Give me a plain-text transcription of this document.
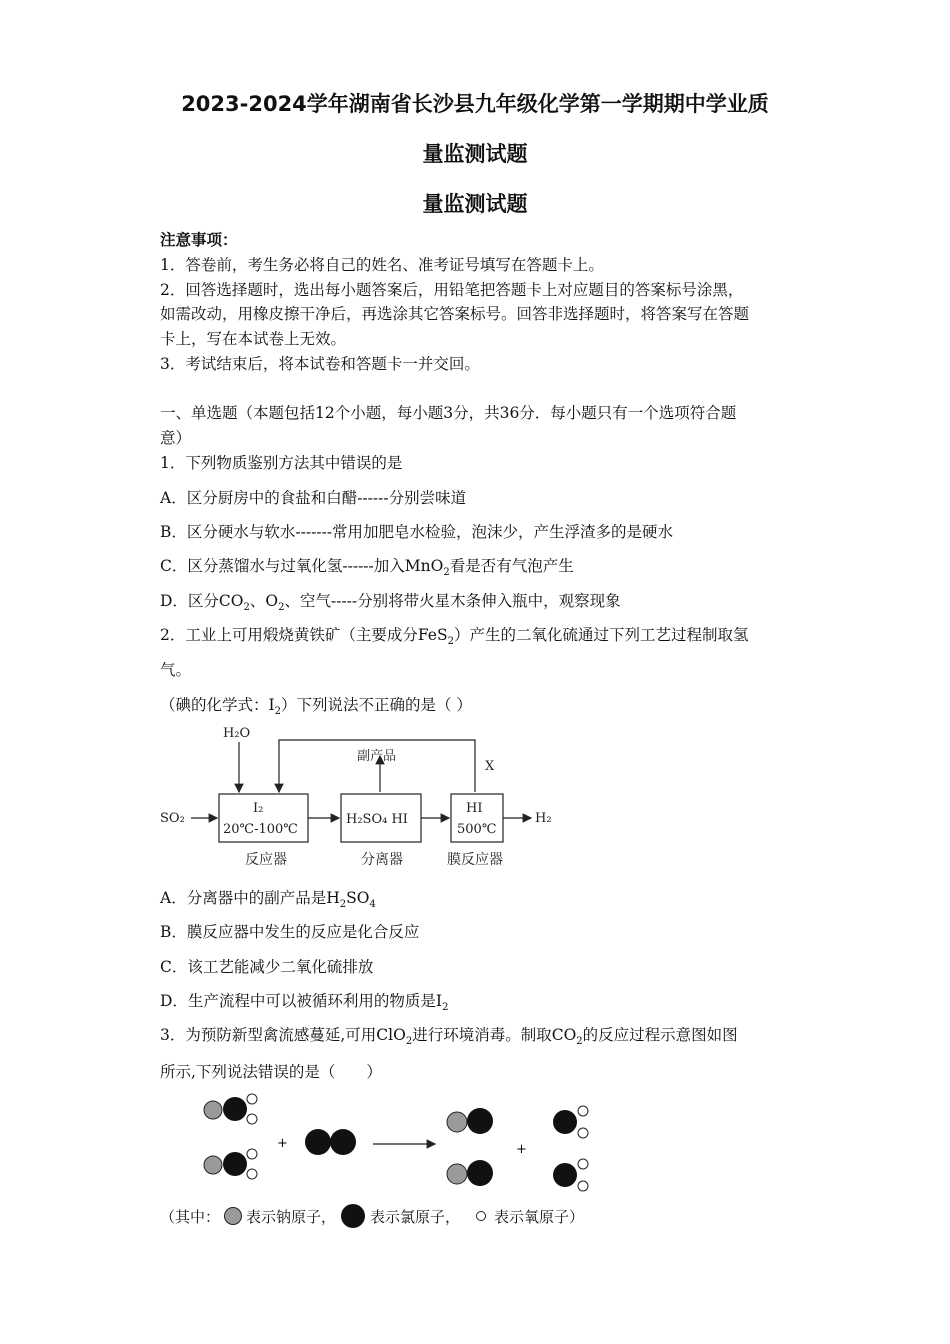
2023-2024学年湖南省长沙县九年级化学第一学期期中学业质
量监测试题
量监测试题
注意事项：
1．答卷前，考生务必将自己的姓名、准考证号填写在答题卡上。
2．回答选择题时，选出每小题答案后，用铅笔把答题卡上对应题目的答案标号涂黑，
如需改动，用橡皮擦干净后，再选涂其它答案标号。回答非选择题时，将答案写在答题
卡上，写在本试卷上无效。
3．考试结束后，将本试卷和答题卡一并交回。
一、单选题（本题包括12个小题，每小题3分，共36分．每小题只有一个选项符合题
意）
1．下列物质鉴别方法其中错误的是
A．区分厨房中的食盐和白醋------分别尝味道
B．区分硬水与软水-------常用加肥皂水检验，泡沫少，产生浮渣多的是硬水
C．区分蒸馏水与过氧化氢------加入MnO$_2$看是否有气泡产生
D．区分$CO_2$、$O_2$、空气-----分别将带火星木条伸入瓶中，观察现象
2．工业上可用煅烧黄铁矿（主要成分FeS$_2$）产生的二氧化硫通过下列工艺过程制取氢
气。
（碘的化学式：$I_2$）下列说法不正确的是（ ）
H₂O
副产品
X
SO₂
I₂
20℃-100℃
H₂SO₄ HI
HI
500℃
H₂
反应器	分离器	膜反应器
A．分离器中的副产品是$H_2SO_4$
B．膜反应器中发生的反应是化合反应
C．该工艺能减少二氧化硫排放
D．生产流程中可以被循环利用的物质是$I_2$
3．为预防新型禽流感蔓延,可用ClO$_2$进行环境消毒。制取$CO_2$的反应过程示意图如图
所示,下列说法错误的是（　　）
+	+
（其中： 表示钠原子， 表示氯原子， 表示氧原子）
